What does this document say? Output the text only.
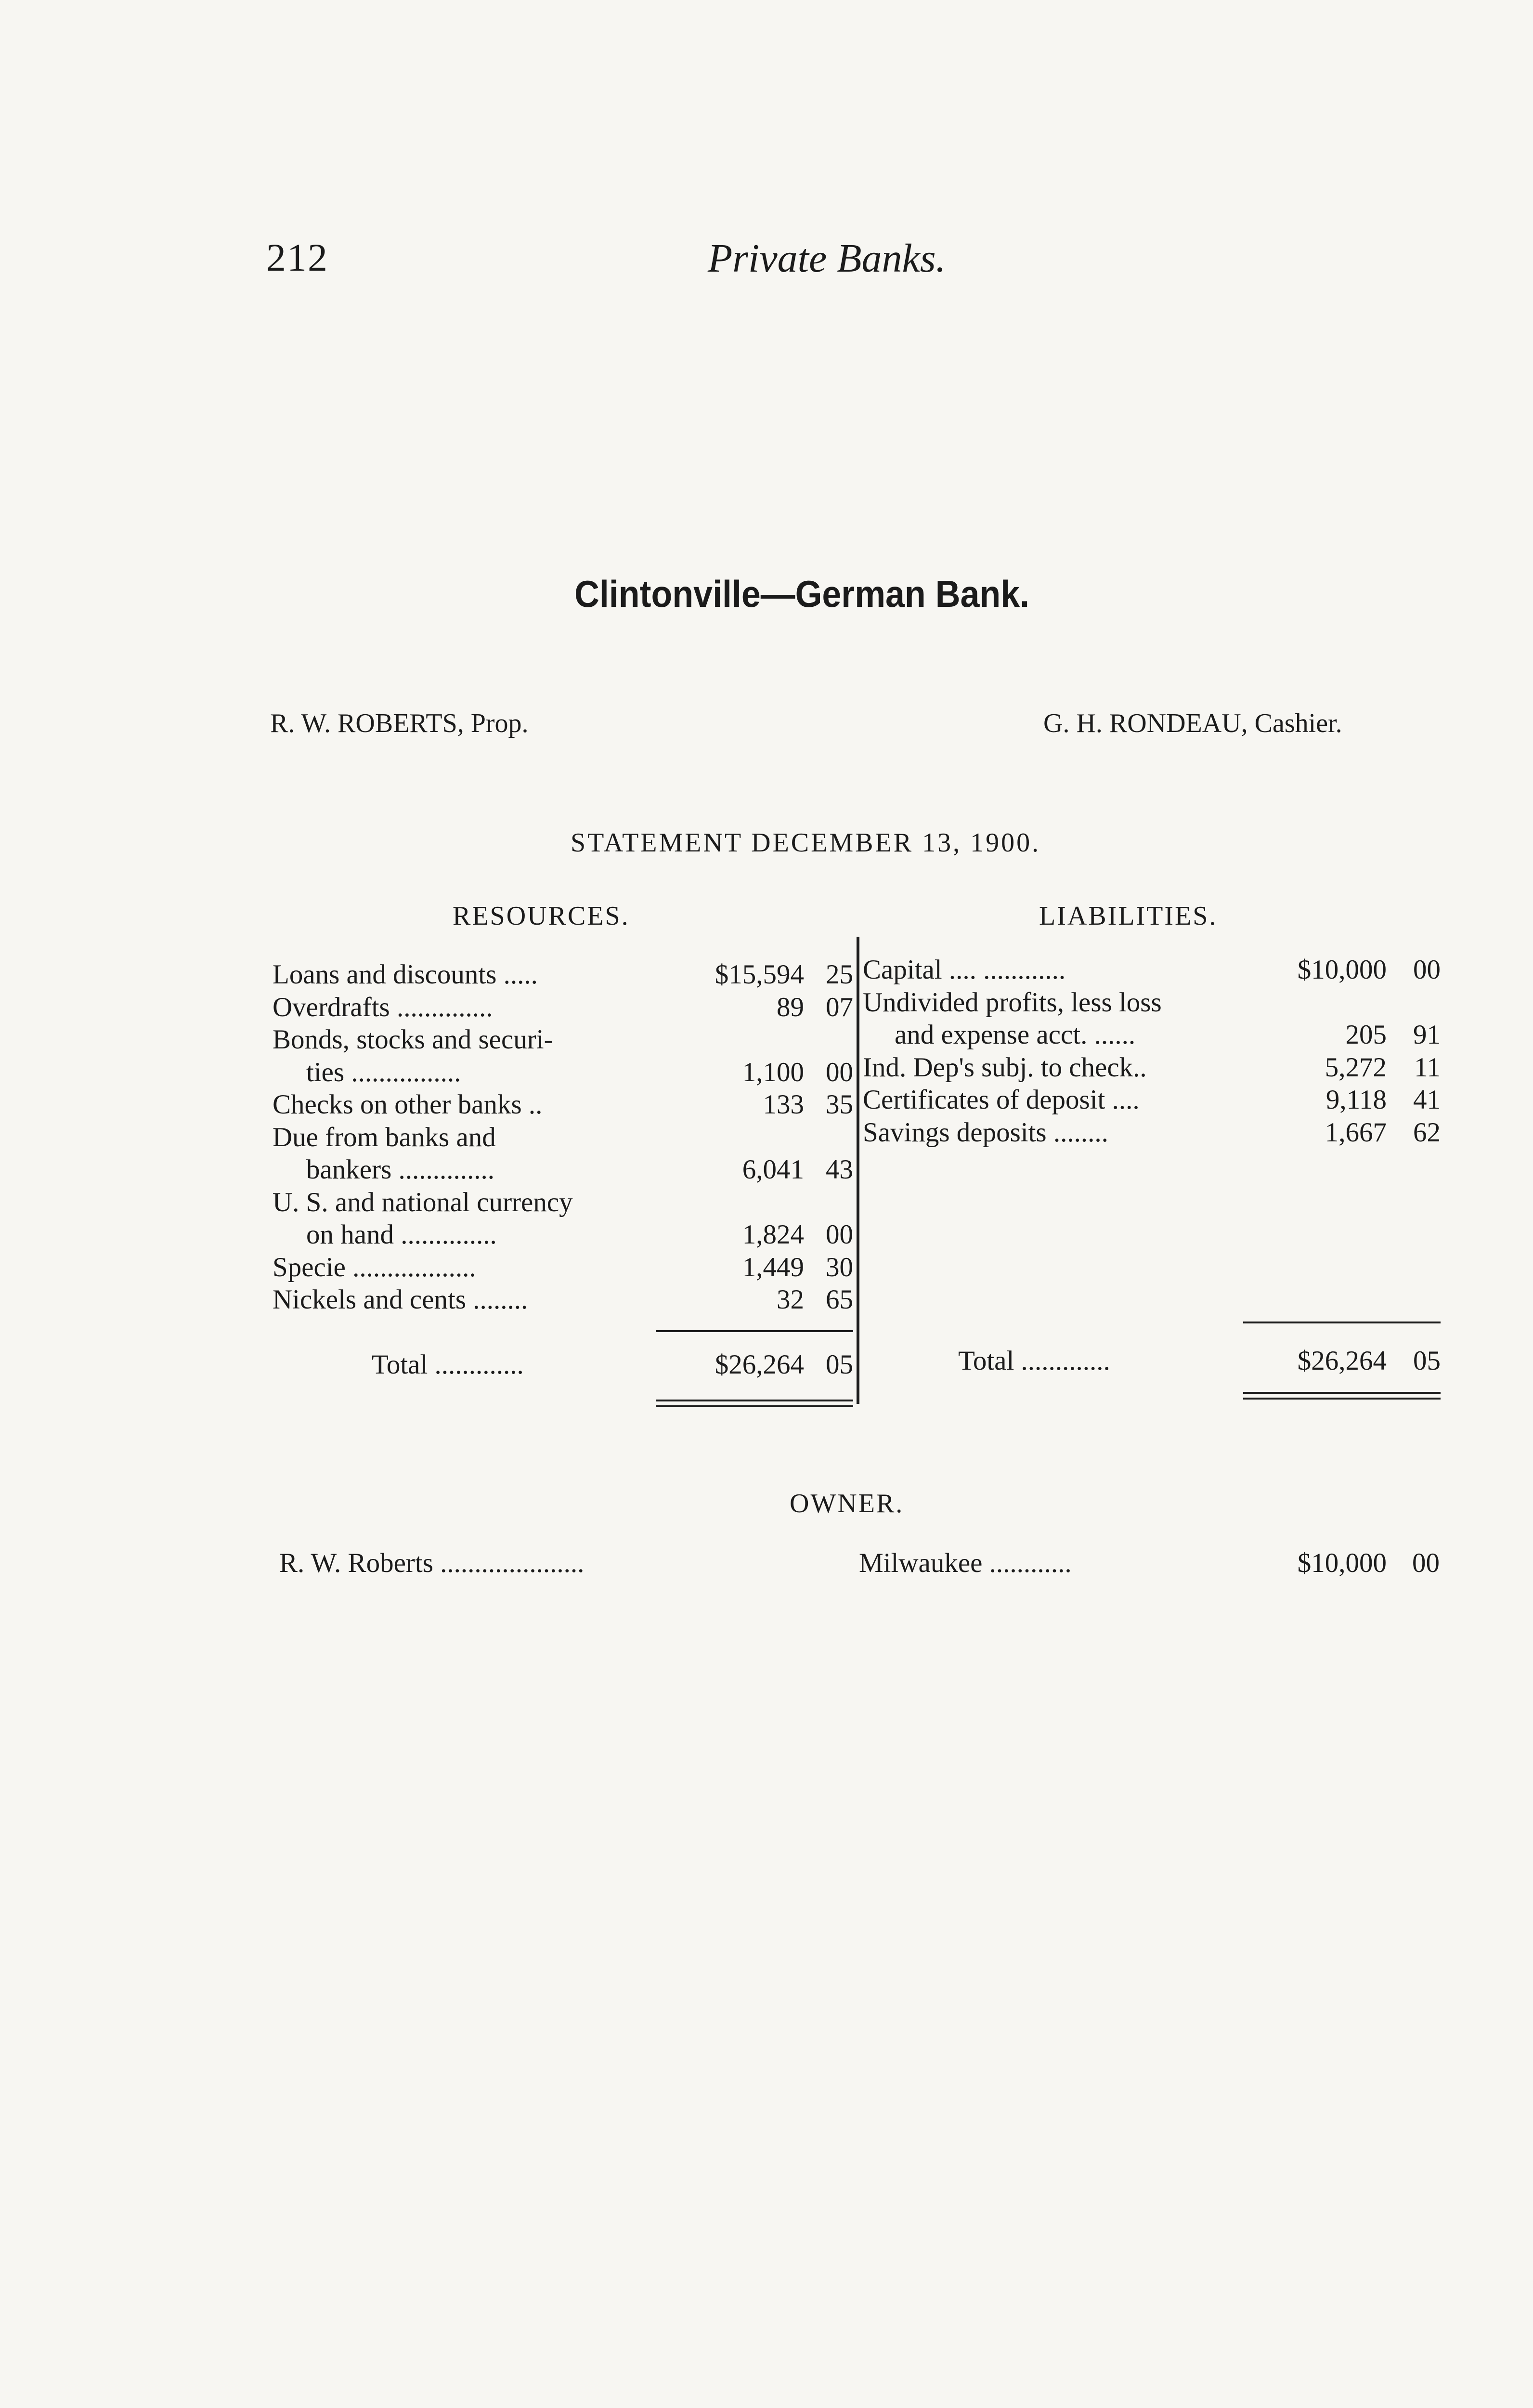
212	Private Banks.
Clintonville—German Bank.
R. W. ROBERTS, Prop.	G. H. RONDEAU, Cashier.
STATEMENT DECEMBER 13, 1900.
RESOURCES.	LIABILITIES.
Loans and discounts .....	$15,594 25
Overdrafts ..............	89 07
Bonds, stocks and securi-
ties ................	1,100 00
Checks on other banks ..	133 35
Due from banks and
bankers ..............	6,041 43
U. S. and national currency
on hand ..............	1,824 00
Specie ..................	1,449 30
Nickels and cents ........	32 65
Total .............	$26,264 05
Capital .... ............	$10,000 00
Undivided profits, less loss
and expense acct. ......	205 91
Ind. Dep's subj. to check..	5,272	11
Certificates of deposit ....	9,118 41
Savings deposits ........	1,667 62
Total .............	$26,264 05
OWNER.
R. W. Roberts .....................	Milwaukee ............	$10,000 00
